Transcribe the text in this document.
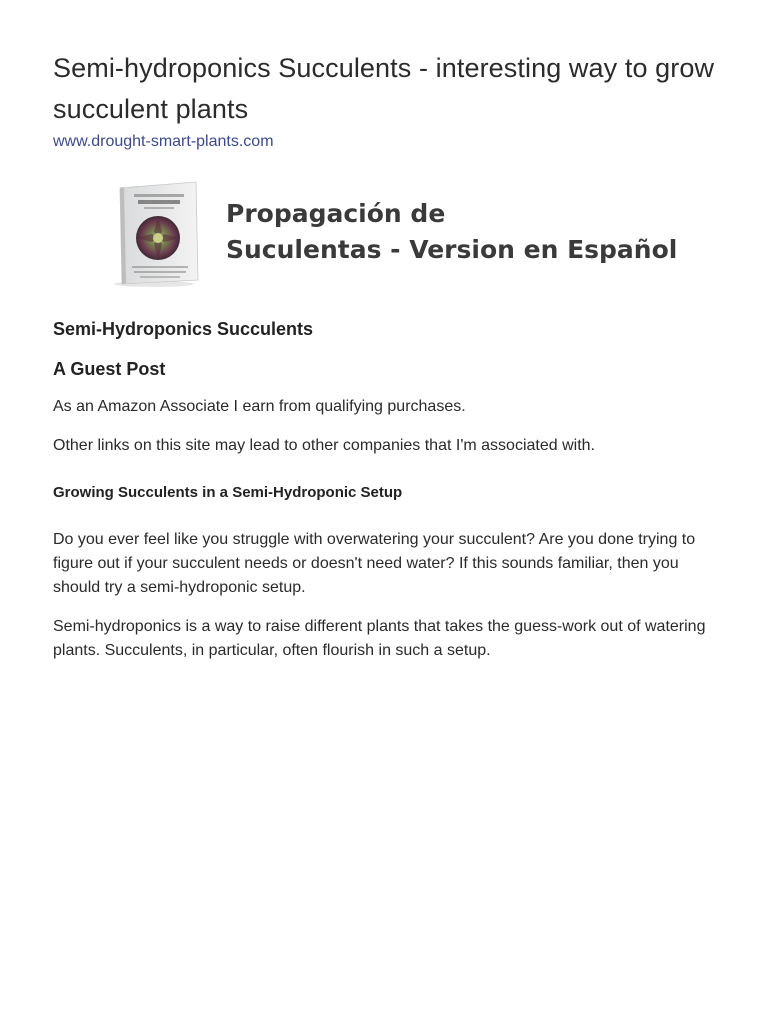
Semi-hydroponics Succulents - interesting way to grow succulent plants
www.drought-smart-plants.com
Propagación de
Suculentas - Version en Español
Semi-Hydroponics Succulents
A Guest Post

As an Amazon Associate I earn from qualifying purchases.

Other links on this site may lead to other companies that I'm associated with.

Growing Succulents in a Semi-Hydroponic Setup

Do you ever feel like you struggle with overwatering your succulent? Are you done trying to figure out if your succulent needs or doesn't need water? If this sounds familiar, then you should try a semi-hydroponic setup.

Semi-hydroponics is a way to raise different plants that takes the guess-work out of watering plants. Succulents, in particular, often flourish in such a setup.
